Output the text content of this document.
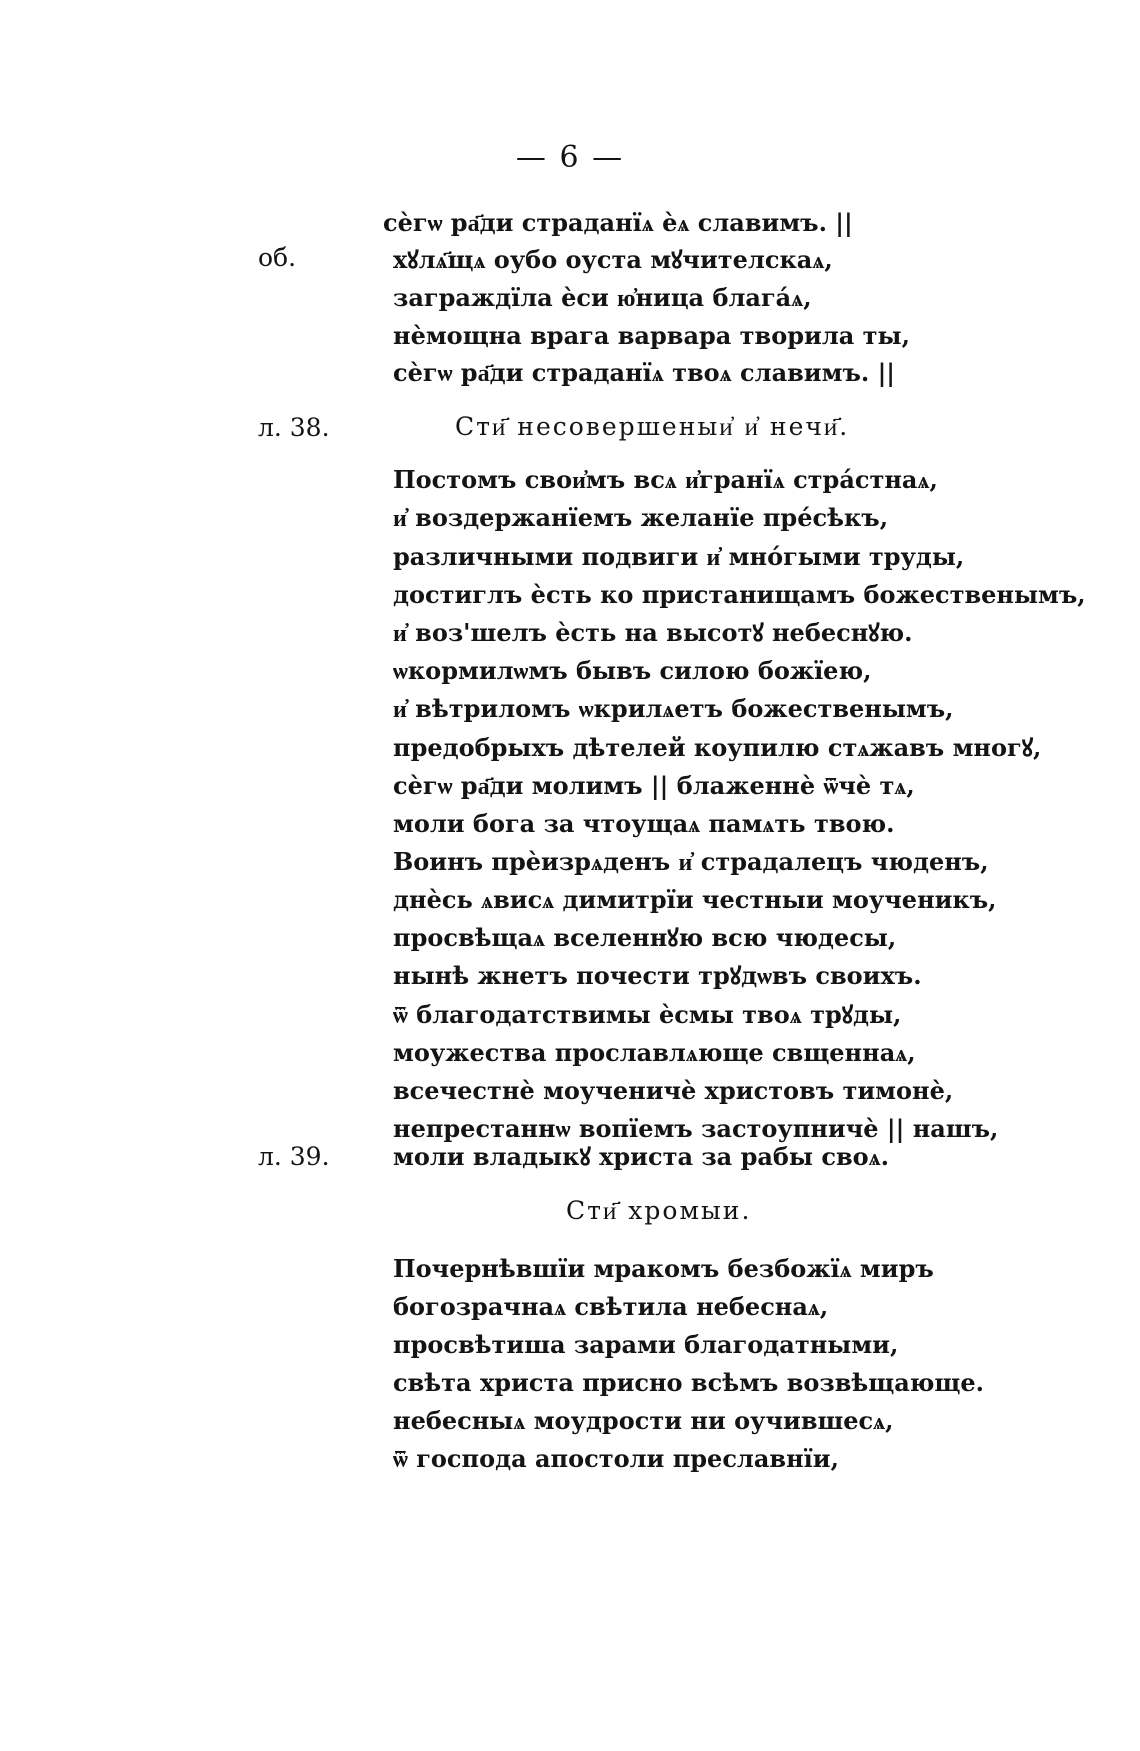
— 6 —
об.
л. 38.
л. 39.
сѐгѡ ра҃ди страданїѧ ѐѧ славимъ. ||
хꙋлѧ҃щѧ оубо оуста мꙋчителскаѧ,
заграждїла ѐси ю҆ница блага́ѧ,
нѐмощна врага варвара творила ты,
сѐгѡ ра҃ди страданїѧ твоѧ славимъ. ||
Сти҃ несовершеныи҆ и҆ нечи҃.
Постомъ свои҆мъ всѧ и҆гранїѧ стра́стнаѧ,
и҆ воздержанїемъ желанїе пре́сѣкъ,
различными подвиги и҆ мно́гыми труды,
достиглъ ѐсть ко пристанищамъ божественымъ,
и҆ воз'шелъ ѐсть на высотꙋ небеснꙋю.
ѡкормилѡмъ бывъ силою божїею,
и҆ вѣтриломъ ѡкрилѧетъ божественымъ,
предобрыхъ дѣтелей коупилю стѧжавъ многꙋ,
сѐгѡ ра҃ди молимъ || блаженнѐ ѿчѐ тѧ,
моли бога за чтоущаѧ памѧть твою.
Воинъ прѐизрѧденъ и҆ страдалецъ чюденъ,
днѐсь ѧвисѧ димитрїи честныи моученикъ,
просвѣщаѧ вселеннꙋю всю чюдесы,
нынѣ жнетъ почести трꙋдѡвъ своихъ.
ѿ благодатствимы ѐсмы твоѧ трꙋды,
моужества прославлѧюще свщеннаѧ,
всечестнѐ моученичѐ христовъ тимонѐ,
непрестаннѡ вопїемъ застоупничѐ || нашъ,
моли владыкꙋ христа за рабы своѧ.
Сти҃ хромыи.
Почернѣвшїи мракомъ безбожїѧ миръ
богозрачнаѧ свѣтила небеснаѧ,
просвѣтиша зарами благодатными,
свѣта христа присно всѣмъ возвѣщающе.
небесныѧ моудрости ни оучившесѧ,
ѿ господа апостоли преславнїи,
